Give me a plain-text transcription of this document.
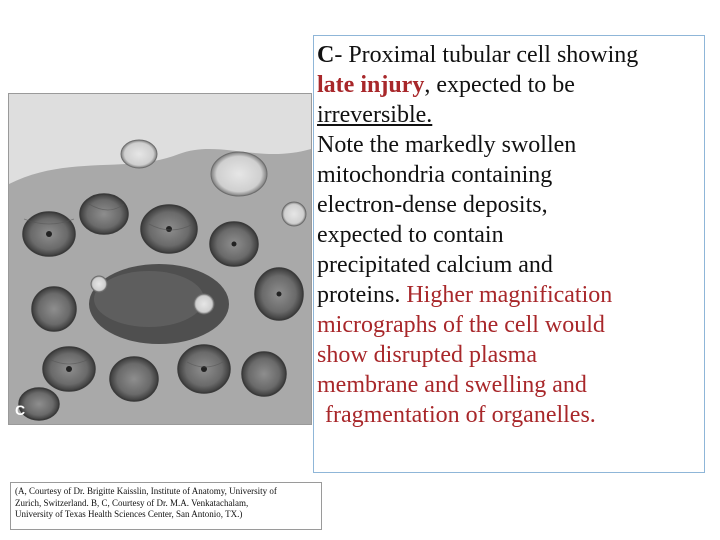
C
C- Proximal tubular cell showing
late injury, expected to be
irreversible.
Note the markedly swollen
mitochondria containing
electron-dense deposits,
expected to contain
precipitated calcium and
proteins. Higher magnification
micrographs of the cell would
show disrupted plasma
membrane and swelling and
fragmentation of organelles.
(A, Courtesy of Dr. Brigitte Kaisslin, Institute of Anatomy, University of
Zurich, Switzerland. B, C, Courtesy of Dr. M.A. Venkatachalam,
University of Texas Health Sciences Center, San Antonio, TX.)
